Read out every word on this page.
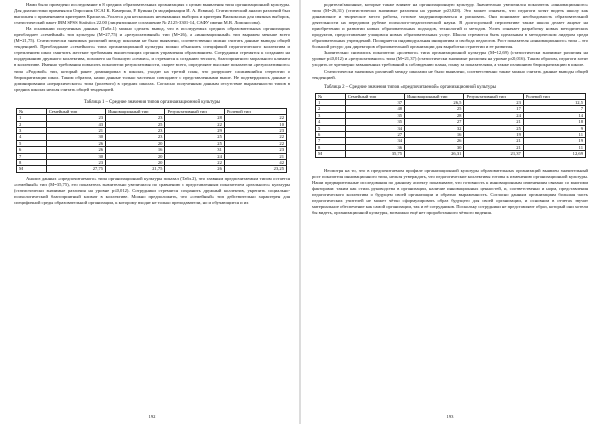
Нами было проведено исследование в 8 средних образовательных организациях с целью выявления типа организационной культуры. Для диагностики применялся Опросник OCAI К. Камерона, Р. Куинна (в модификации И. А. Ясвина). Статистический анализ различий был выполнен с применением критериев Краскела–Уоллеса для нескольких несвязанных выборок и критерия Вилкоксона для связных выборок, статистический пакет IBM SPSS Statistics 22.00 (лицензионное соглашение № Z125-3301-14, САФУ имени М.В. Ломоносова).

На основании полученных данных (Табл.1) можно сделать вывод, что в исследуемых средних образовательных организациях преобладает «семейный» тип культуры (М=27,75) и «результативный» тип (М=26), а «инновационный» тип выражен меньше всего (М=21,75). Статистически значимых различий между школами не было выявлено, соответственно можно считать данные выводы общей тенденцией. Преобладание «семейного» типа организационной культуры можно объяснить спецификой педагогического коллектива и стремлением школ смягчить жесткие требования вышестоящих органов управления образованием. Сотрудники стремятся к созданию на поддержанию дружного коллектива, похожего на большую «семью», и стремятся к созданию теплого, благоприятного морального климата в коллективе. Именно требования повысить показатели результативности, скорее всего, определяют высокие показатели «результативного» типа «Родовой» тип, который ранее доминировал в школах, уходит на третий план, что разрушает сложившийся стереотип о бюрократизации школ. Таким образом, наши данные только частично совпадают с представленными выше. Не подтвердились данные о доминировании «иерархического» типа (ролевого) в средних школах. Согласно полученным данным отсутствие выраженности типов в средних школах нельзя считать общей тенденцией.

Таблица 1 – Средние значения типов оргазнаизационной культуры
№	Семейный тип	Инновационный тип	Результативный тип	Ролевой тип
1	23	23	28	22
2	43	25	22	10
3	21	23	29	23
4	30	23	25	22
5	26	20	25	22
6	26	16	31	23
7	30	20	24	21
8	23	20	22	42
M	27,75	21,75	26	23,25

Анализ данных «предпочитаемого» типа организационной культуры показал (Табл.2), что главным предпочитаемым типом остается «семейный» тип (М=35,75), его показатель значительно увеличился по сравнению с представленным показателем «реального» культуры (статистически значимые различия на уровне р≤0,012). Сотрудники стремятся сохранить дружный коллектив, укрепить социально-психологический благоприятный климат в коллективе. Можно предположить, что «семейный» тип действительно характерен для специфичной среды образовательной организации, к которому входят не только преподаватели, но и обучающиеся и их

192

родители/законные, которые также влияют на организационную культуру. Значительно увеличился показатель «инновационного» типа (М=26,31) (статистически значимые различия на уровне р≤0,028). Это может означать, что педагоги хотят видеть школу как динамичное и творческое место работы, готовое модернизироваться и рисковать. Они понимают необходимость образовательной деятельности на передовом рубеже психолого-педагогической науки. В долгосрочной перспективе также школа делает акцент на приобретении и развитии новых образовательных подходов, технологий и методов. Успех означает разработку новых методических продуктов, предоставление учащимся новых образовательных услуг. Школа стремится быть идеальным в методическом лидером среди образовательных учреждений. Поощряется индивидуальная инициатива и свобода педагогов. Рост показателя «инновационного» типа – это большой ресурс для директоров образовательной организации для выработки стратегии и ее развития.

Значительно снизились показатели «ролевого» типа организационной культуры (М=12,69) (статистически значимые различия на уровне р≤0,012) и «результативного» типа (М=21,37) (статистически значимые различия на уровне р≤0,016). Таким образом, педагоги хотят уходить от чрезмерно завышенных требований к соблюдению плана, гонку за показателями, а также излишнюю бюрократизацию в школе.

Статистически значимых различий между школами не было выявлено, соответственно также можно считать данные выводы общей тенденцией.

Таблица 2 – Средние значения типов «предпочитаемой» организационной культуры
№	Семейный тип	Инновационный тип	Результативный тип	Ролевой тип
1	37	26,5	23	12,5
2	48	25	17	7
3	35	28	24	14
4	35	27	21	18
5	34	32	25	9
6	27	16	19	11
7	34	26	21	19
8	36	30	21	11
M	35,75	26,31	21,37	12,69

Несмотря на то, что в предпочитаемом профиле организационной культуры образовательных организаций выявлен значительный рост показателя инновационного типа, нельзя утверждать, что педагогические коллективы готовы к изменению организационной культуры. Наши предварительные исследования по данному аспекту показывают, что готовность к инновационным изменениям связано со многими факторами: таким как стиль руководства в организации, наличие инновационных ценностей, и, соответственно и норм, представления педагогического коллектива о будущем своей организации и обратно выраженность. Согласно данным организациям большая часть педагогических учителей не может чётко сформулировать образ будущего для своей организации, и основном в отчетах звучит материальное обеспечение как самой организации, так и её сотрудников. Поскольку сотрудники не представляют образ, который они хотели бы видеть, организационной культуры, возможно ещё нет проработанного чёткого видения.

193
